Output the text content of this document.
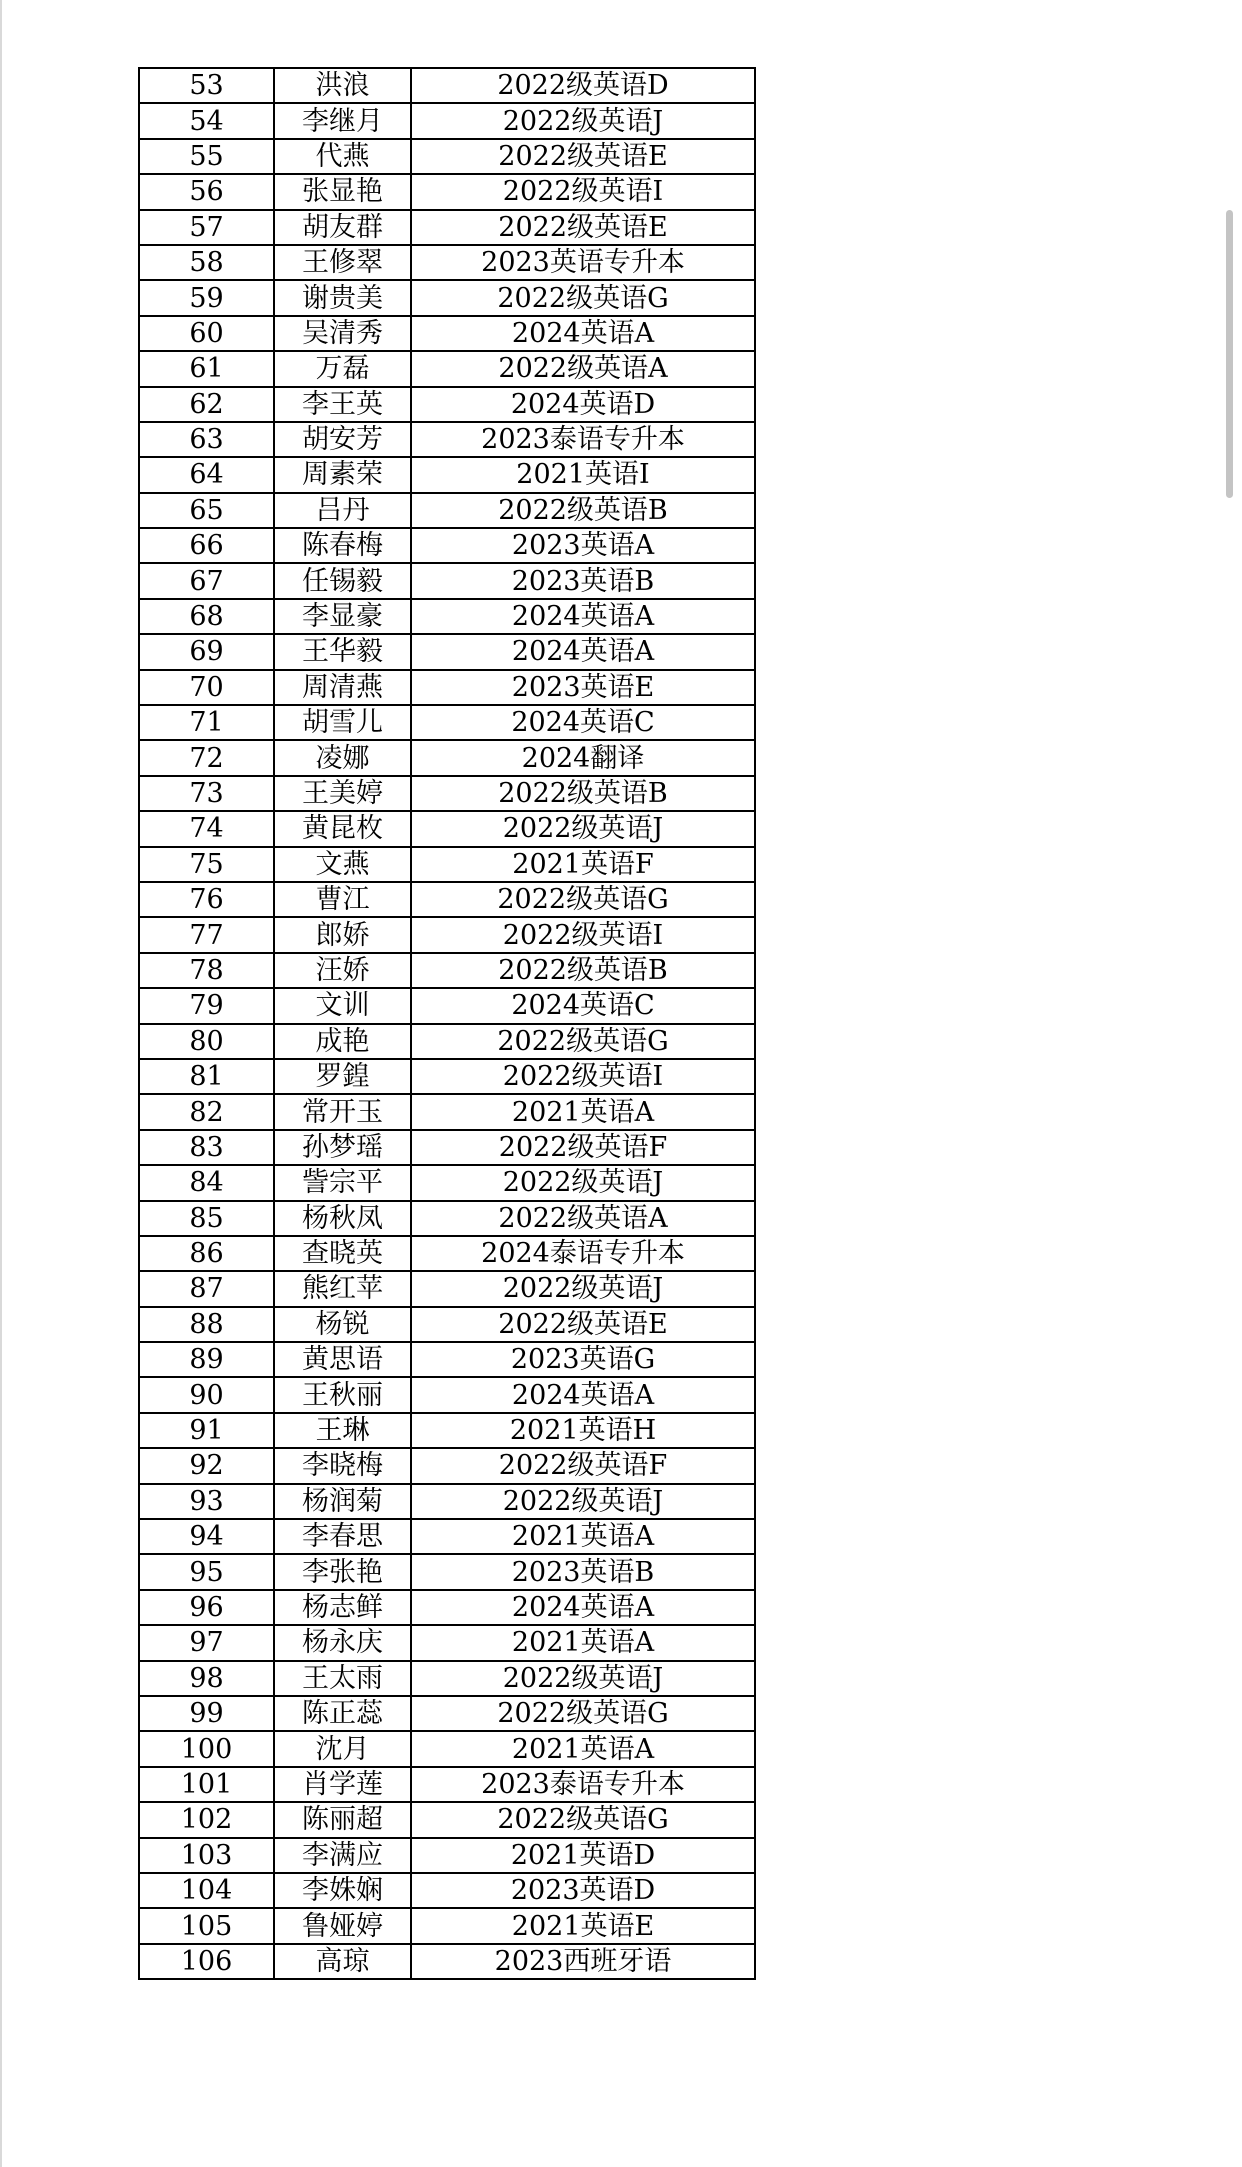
53	洪浪	2022级英语D
54	李继月	2022级英语J
55	代燕	2022级英语E
56	张显艳	2022级英语I
57	胡友群	2022级英语E
58	王修翠	2023英语专升本
59	谢贵美	2022级英语G
60	吴清秀	2024英语A
61	万磊	2022级英语A
62	李王英	2024英语D
63	胡安芳	2023泰语专升本
64	周素荣	2021英语I
65	吕丹	2022级英语B
66	陈春梅	2023英语A
67	任锡毅	2023英语B
68	李显豪	2024英语A
69	王华毅	2024英语A
70	周清燕	2023英语E
71	胡雪儿	2024英语C
72	凌娜	2024翻译
73	王美婷	2022级英语B
74	黄昆枚	2022级英语J
75	文燕	2021英语F
76	曹江	2022级英语G
77	郎娇	2022级英语I
78	汪娇	2022级英语B
79	文训	2024英语C
80	成艳	2022级英语G
81	罗鍠	2022级英语I
82	常开玉	2021英语A
83	孙梦瑶	2022级英语F
84	訾宗平	2022级英语J
85	杨秋凤	2022级英语A
86	查晓英	2024泰语专升本
87	熊红苹	2022级英语J
88	杨锐	2022级英语E
89	黄思语	2023英语G
90	王秋丽	2024英语A
91	王琳	2021英语H
92	李晓梅	2022级英语F
93	杨润菊	2022级英语J
94	李春思	2021英语A
95	李张艳	2023英语B
96	杨志鲜	2024英语A
97	杨永庆	2021英语A
98	王太雨	2022级英语J
99	陈正蕊	2022级英语G
100	沈月	2021英语A
101	肖学莲	2023泰语专升本
102	陈丽超	2022级英语G
103	李满应	2021英语D
104	李姝娴	2023英语D
105	鲁娅婷	2021英语E
106	高琼	2023西班牙语
